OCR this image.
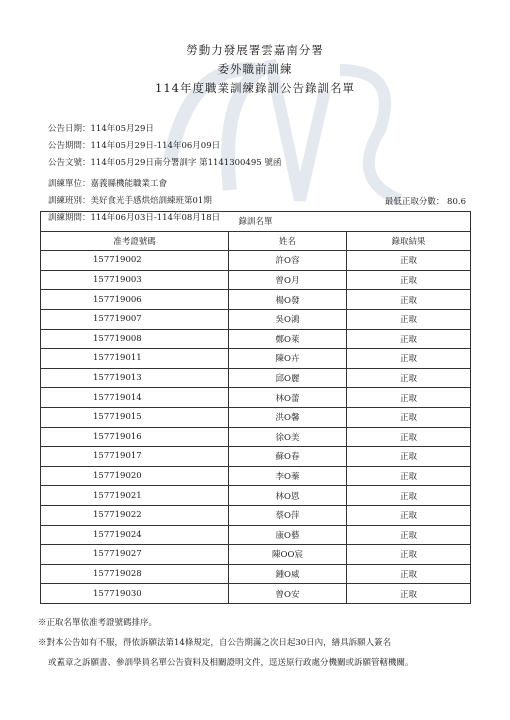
勞動力發展署雲嘉南分署
委外職前訓練
114年度職業訓練錄訓公告錄訓名單
公告日期：114年05月29日
公告期間：114年05月29日-114年06月09日
公告文號：114年05月29日南分署訓字 第1141300495 號函
訓練單位：嘉義縣機能職業工會
訓練班別：美好食光手感烘焙訓練班第01期
訓練期間：114年06月03日-114年08月18日
最低正取分數： 80.6
錄訓名單		
准考證號碼	姓名	錄取結果
157719002	許O容	正取
157719003	曾O月	正取
157719006	楊O發	正取
157719007	吳O鴻	正取
157719008	鄭O萊	正取
157719011	陳O卉	正取
157719013	邱O麗	正取
157719014	林O蕾	正取
157719015	洪O馨	正取
157719016	徐O美	正取
157719017	蘇O春	正取
157719020	李O蓁	正取
157719021	林O恩	正取
157719022	蔡O萍	正取
157719024	康O藝	正取
157719027	陳OO宸	正取
157719028	鍾O威	正取
157719030	曾O安	正取
※正取名單依准考證號碼排序。
※對本公告如有不服，得依訴願法第14條規定，自公告期滿之次日起30日內，繕具訴願人簽名
或蓋章之訴願書、參訓學員名單公告資料及相關證明文件，逕送原行政處分機關或訴願管轄機關。
